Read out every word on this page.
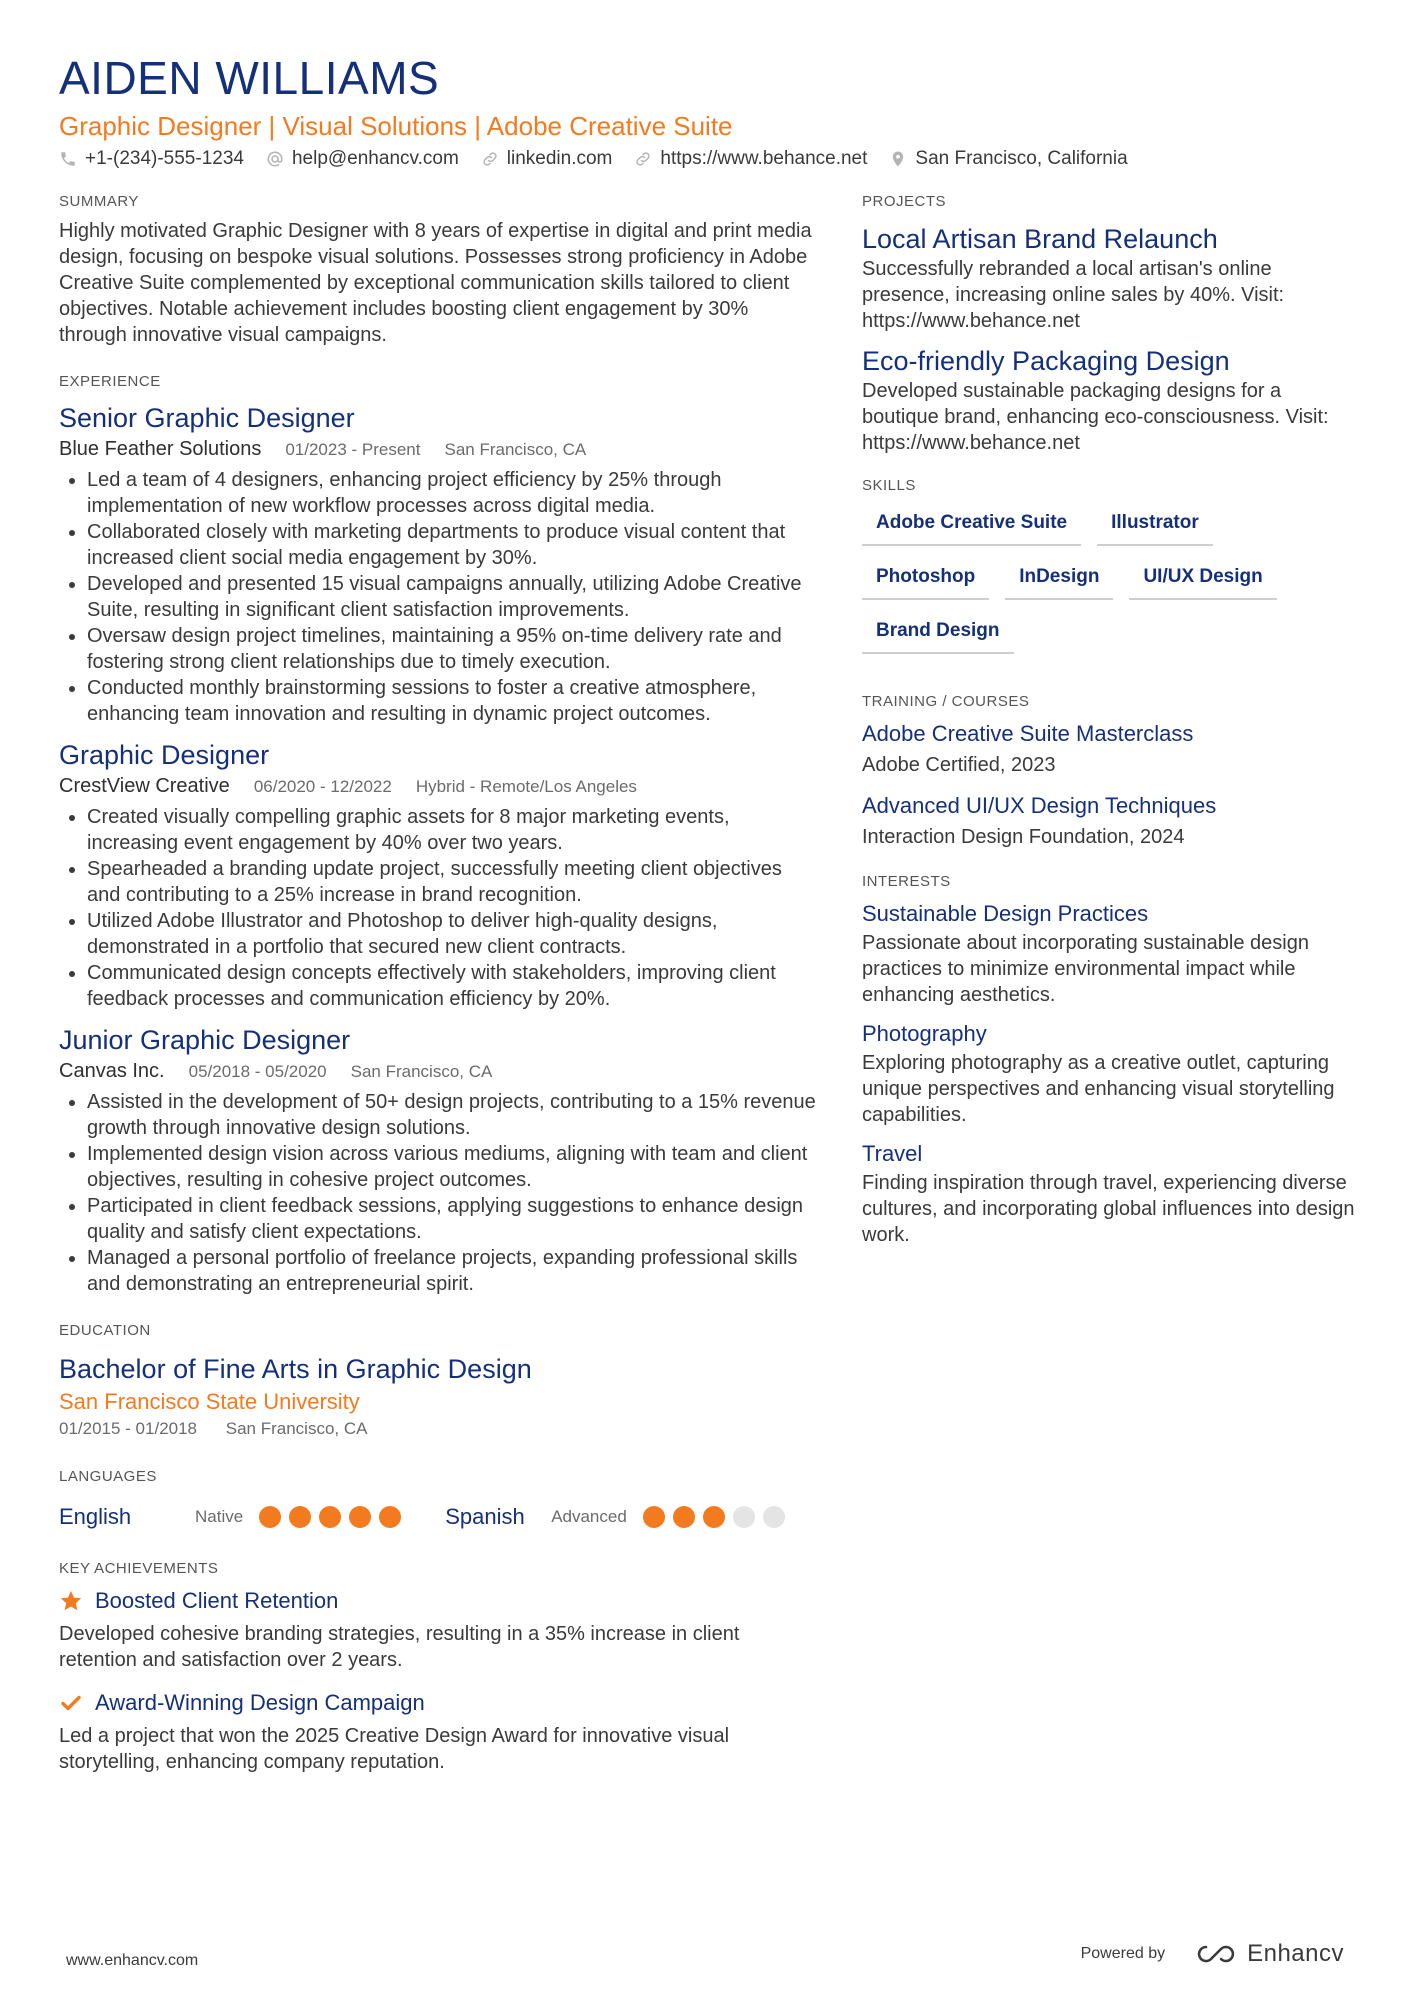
AIDEN WILLIAMS
Graphic Designer | Visual Solutions | Adobe Creative Suite
+1-(234)-555-1234	help@enhancv.com	linkedin.com	https://www.behance.net	San Francisco, California
SUMMARY
Highly motivated Graphic Designer with 8 years of expertise in digital and print media design, focusing on bespoke visual solutions. Possesses strong proficiency in Adobe Creative Suite complemented by exceptional communication skills tailored to client objectives. Notable achievement includes boosting client engagement by 30% through innovative visual campaigns.
EXPERIENCE
Senior Graphic Designer
Blue Feather Solutions 01/2023 - Present San Francisco, CA
• Led a team of 4 designers, enhancing project efficiency by 25% through implementation of new workflow processes across digital media.
• Collaborated closely with marketing departments to produce visual content that increased client social media engagement by 30%.
• Developed and presented 15 visual campaigns annually, utilizing Adobe Creative Suite, resulting in significant client satisfaction improvements.
• Oversaw design project timelines, maintaining a 95% on-time delivery rate and fostering strong client relationships due to timely execution.
• Conducted monthly brainstorming sessions to foster a creative atmosphere, enhancing team innovation and resulting in dynamic project outcomes.
Graphic Designer
CrestView Creative 06/2020 - 12/2022 Hybrid - Remote/Los Angeles
• Created visually compelling graphic assets for 8 major marketing events, increasing event engagement by 40% over two years.
• Spearheaded a branding update project, successfully meeting client objectives and contributing to a 25% increase in brand recognition.
• Utilized Adobe Illustrator and Photoshop to deliver high-quality designs, demonstrated in a portfolio that secured new client contracts.
• Communicated design concepts effectively with stakeholders, improving client feedback processes and communication efficiency by 20%.
Junior Graphic Designer
Canvas Inc. 05/2018 - 05/2020 San Francisco, CA
• Assisted in the development of 50+ design projects, contributing to a 15% revenue growth through innovative design solutions.
• Implemented design vision across various mediums, aligning with team and client objectives, resulting in cohesive project outcomes.
• Participated in client feedback sessions, applying suggestions to enhance design quality and satisfy client expectations.
• Managed a personal portfolio of freelance projects, expanding professional skills and demonstrating an entrepreneurial spirit.
EDUCATION
Bachelor of Fine Arts in Graphic Design
San Francisco State University
01/2015 - 01/2018 San Francisco, CA
LANGUAGES
English	Native	Spanish	Advanced
KEY ACHIEVEMENTS
Boosted Client Retention
Developed cohesive branding strategies, resulting in a 35% increase in client retention and satisfaction over 2 years.
Award-Winning Design Campaign
Led a project that won the 2025 Creative Design Award for innovative visual storytelling, enhancing company reputation.
PROJECTS
Local Artisan Brand Relaunch
Successfully rebranded a local artisan's online presence, increasing online sales by 40%. Visit: https://www.behance.net
Eco-friendly Packaging Design
Developed sustainable packaging designs for a boutique brand, enhancing eco-consciousness. Visit: https://www.behance.net
SKILLS
Adobe Creative Suite	Illustrator
Photoshop	InDesign	UI/UX Design
Brand Design
TRAINING / COURSES
Adobe Creative Suite Masterclass
Adobe Certified, 2023
Advanced UI/UX Design Techniques
Interaction Design Foundation, 2024
INTERESTS
Sustainable Design Practices
Passionate about incorporating sustainable design practices to minimize environmental impact while enhancing aesthetics.
Photography
Exploring photography as a creative outlet, capturing unique perspectives and enhancing visual storytelling capabilities.
Travel
Finding inspiration through travel, experiencing diverse cultures, and incorporating global influences into design work.
www.enhancv.com	Powered by	Enhancv
